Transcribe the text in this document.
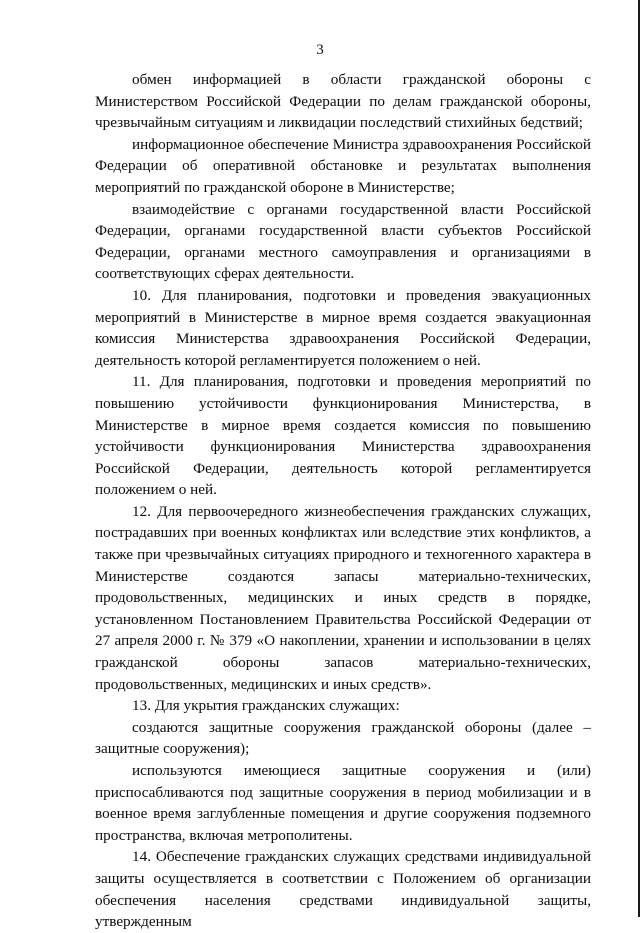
3

обмен информацией в области гражданской обороны с Министерством Российской Федерации по делам гражданской обороны, чрезвычайным ситуациям и ликвидации последствий стихийных бедствий;

информационное обеспечение Министра здравоохранения Российской Федерации об оперативной обстановке и результатах выполнения мероприятий по гражданской обороне в Министерстве;

взаимодействие с органами государственной власти Российской Федерации, органами государственной власти субъектов Российской Федерации, органами местного самоуправления и организациями в соответствующих сферах деятельности.

10. Для планирования, подготовки и проведения эвакуационных мероприятий в Министерстве в мирное время создается эвакуационная комиссия Министерства здравоохранения Российской Федерации, деятельность которой регламентируется положением о ней.

11. Для планирования, подготовки и проведения мероприятий по повышению устойчивости функционирования Министерства, в Министерстве в мирное время создается комиссия по повышению устойчивости функционирования Министерства здравоохранения Российской Федерации, деятельность которой регламентируется положением о ней.

12. Для первоочередного жизнеобеспечения гражданских служащих, пострадавших при военных конфликтах или вследствие этих конфликтов, а также при чрезвычайных ситуациях природного и техногенного характера в Министерстве создаются запасы материально-технических, продовольственных, медицинских и иных средств в порядке, установленном Постановлением Правительства Российской Федерации от 27 апреля 2000 г. № 379 «О накоплении, хранении и использовании в целях гражданской обороны запасов материально-технических, продовольственных, медицинских и иных средств».

13. Для укрытия гражданских служащих:

создаются защитные сооружения гражданской обороны (далее – защитные сооружения);

используются имеющиеся защитные сооружения и (или) приспосабливаются под защитные сооружения в период мобилизации и в военное время заглубленные помещения и другие сооружения подземного пространства, включая метрополитены.

14. Обеспечение гражданских служащих средствами индивидуальной защиты осуществляется в соответствии с Положением об организации обеспечения населения средствами индивидуальной защиты, утвержденным
